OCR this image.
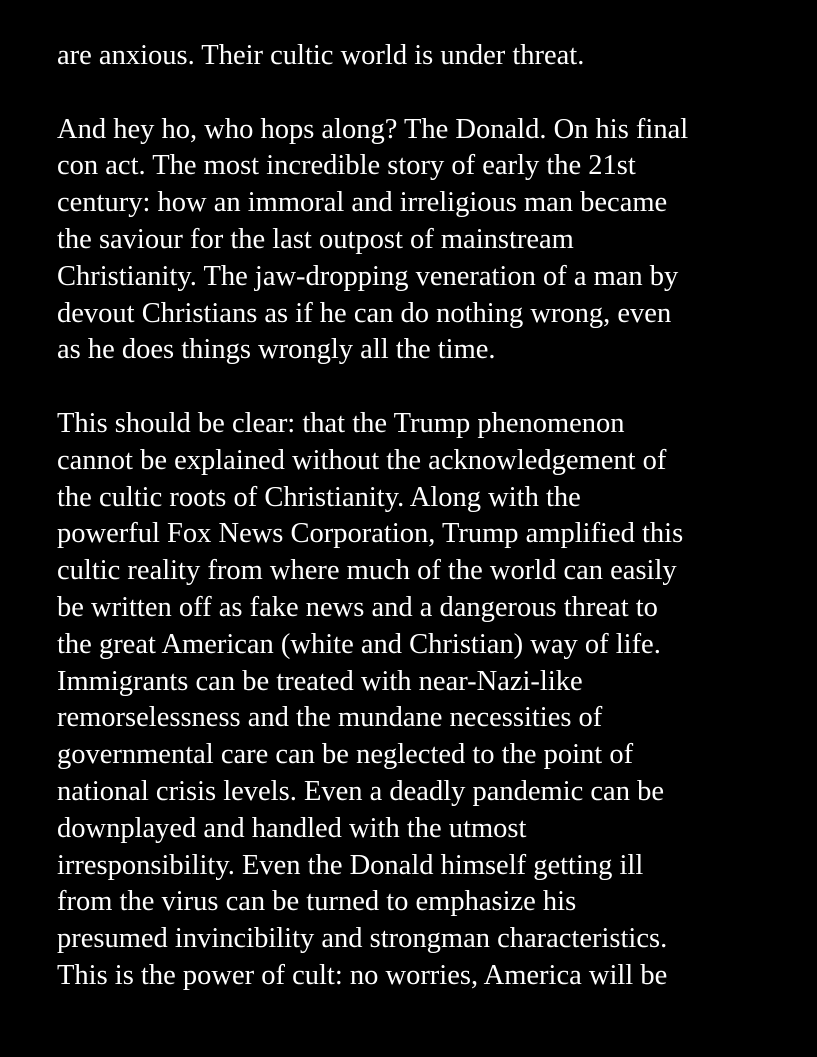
are anxious. Their cultic world is under threat.
And hey ho, who hops along? The Donald. On his final
con act. The most incredible story of early the 21st
century: how an immoral and irreligious man became
the saviour for the last outpost of mainstream
Christianity. The jaw-dropping veneration of a man by
devout Christians as if he can do nothing wrong, even
as he does things wrongly all the time.
This should be clear: that the Trump phenomenon
cannot be explained without the acknowledgement of
the cultic roots of Christianity. Along with the
powerful Fox News Corporation, Trump amplified this
cultic reality from where much of the world can easily
be written off as fake news and a dangerous threat to
the great American (white and Christian) way of life.
Immigrants can be treated with near-Nazi-like
remorselessness and the mundane necessities of
governmental care can be neglected to the point of
national crisis levels. Even a deadly pandemic can be
downplayed and handled with the utmost
irresponsibility. Even the Donald himself getting ill
from the virus can be turned to emphasize his
presumed invincibility and strongman characteristics.
This is the power of cult: no worries, America will be
